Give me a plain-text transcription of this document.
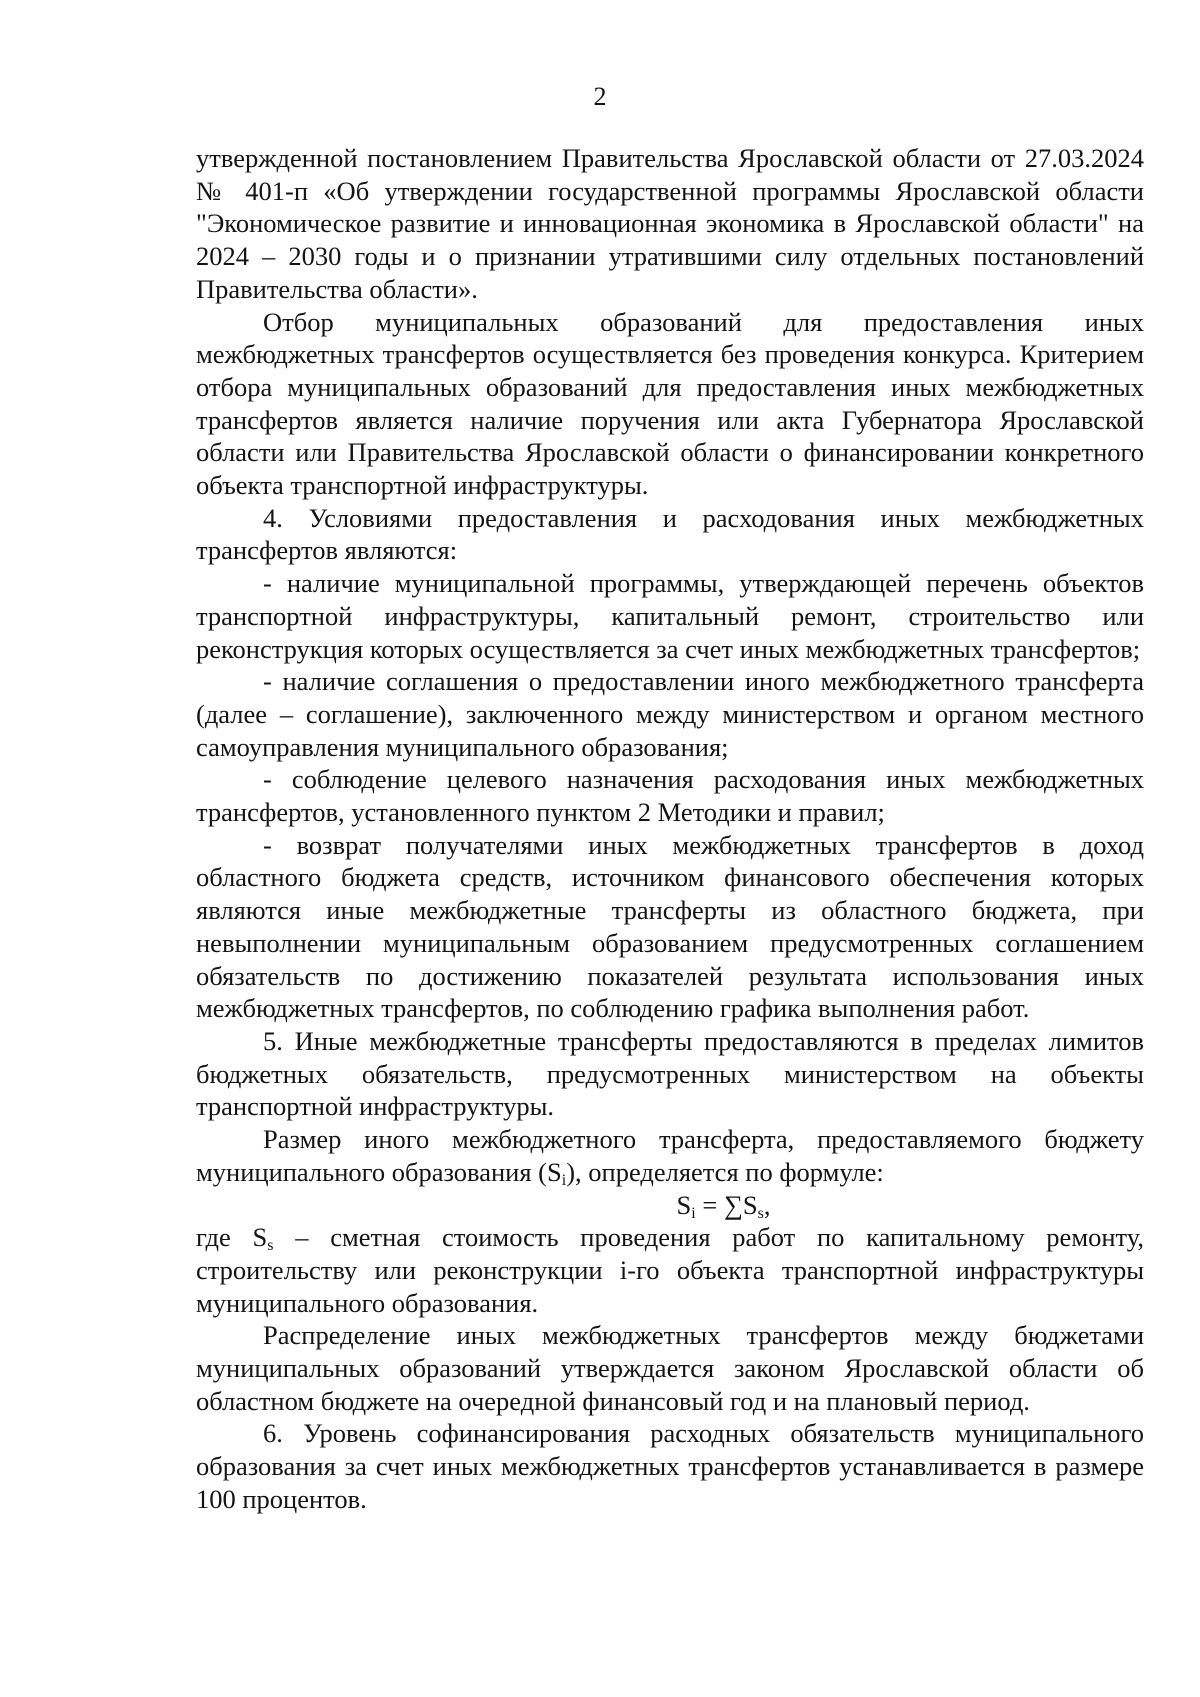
2

утвержденной постановлением Правительства Ярославской области от 27.03.2024 № 401-п «Об утверждении государственной программы Ярославской области "Экономическое развитие и инновационная экономика в Ярославской области" на 2024 – 2030 годы и о признании утратившими силу отдельных постановлений Правительства области».

Отбор муниципальных образований для предоставления иных межбюджетных трансфертов осуществляется без проведения конкурса. Критерием отбора муниципальных образований для предоставления иных межбюджетных трансфертов является наличие поручения или акта Губернатора Ярославской области или Правительства Ярославской области о финансировании конкретного объекта транспортной инфраструктуры.

4. Условиями предоставления и расходования иных межбюджетных трансфертов являются:

- наличие муниципальной программы, утверждающей перечень объектов транспортной инфраструктуры, капитальный ремонт, строительство или реконструкция которых осуществляется за счет иных межбюджетных трансфертов;

- наличие соглашения о предоставлении иного межбюджетного трансферта (далее – соглашение), заключенного между министерством и органом местного самоуправления муниципального образования;

- соблюдение целевого назначения расходования иных межбюджетных трансфертов, установленного пунктом 2 Методики и правил;

- возврат получателями иных межбюджетных трансфертов в доход областного бюджета средств, источником финансового обеспечения которых являются иные межбюджетные трансферты из областного бюджета, при невыполнении муниципальным образованием предусмотренных соглашением обязательств по достижению показателей результата использования иных межбюджетных трансфертов, по соблюдению графика выполнения работ.

5. Иные межбюджетные трансферты предоставляются в пределах лимитов бюджетных обязательств, предусмотренных министерством на объекты транспортной инфраструктуры.

Размер иного межбюджетного трансферта, предоставляемого бюджету муниципального образования $(S_i)$, определяется по формуле:

$S_i = \sum S_s$,

где $S_s$ – сметная стоимость проведения работ по капитальному ремонту, строительству или реконструкции i-го объекта транспортной инфраструктуры муниципального образования.

Распределение иных межбюджетных трансфертов между бюджетами муниципальных образований утверждается законом Ярославской области об областном бюджете на очередной финансовый год и на плановый период.

6. Уровень софинансирования расходных обязательств муниципального образования за счет иных межбюджетных трансфертов устанавливается в размере 100 процентов.
